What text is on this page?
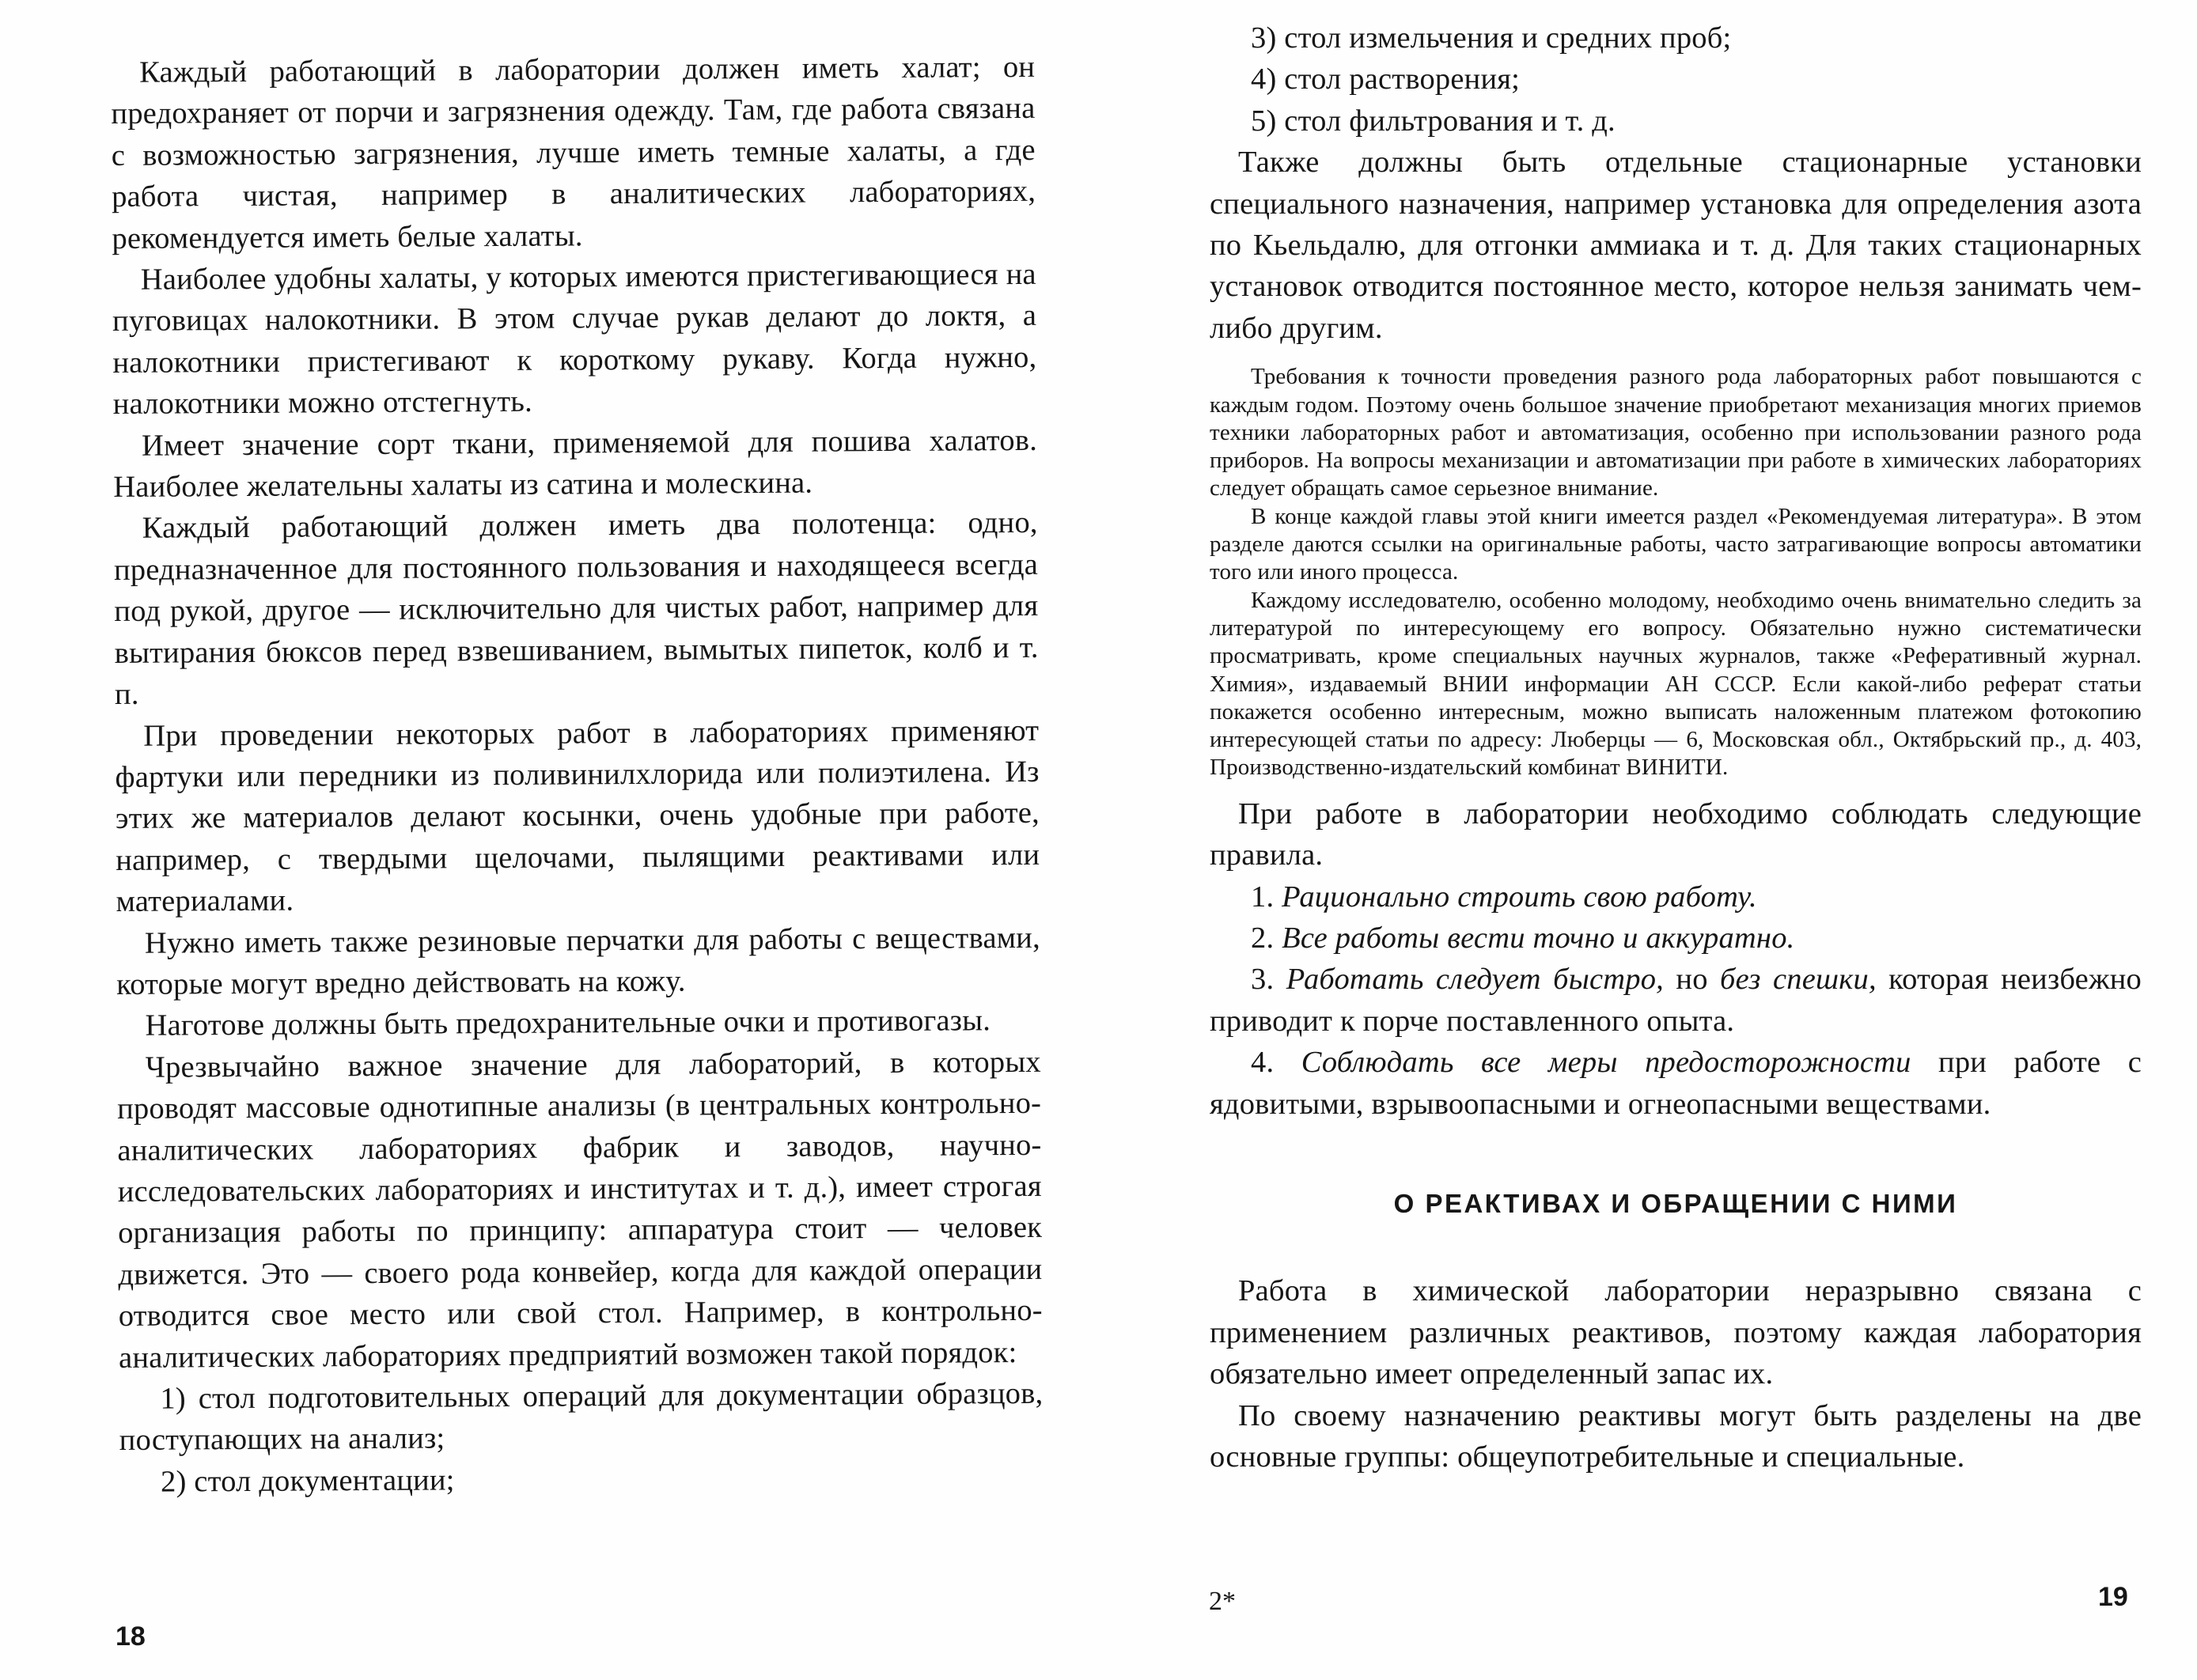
Каждый работающий в лаборатории должен иметь халат; он предохраняет от порчи и загрязнения одежду. Там, где работа связана с возможностью загрязнения, лучше иметь темные халаты, а где работа чистая, например в аналитических лабораториях, рекомендуется иметь белые халаты.

Наиболее удобны халаты, у которых имеются пристегивающиеся на пуговицах налокотники. В этом случае рукав делают до локтя, а налокотники пристегивают к короткому рукаву. Когда нужно, налокотники можно отстегнуть.

Имеет значение сорт ткани, применяемой для пошива халатов. Наиболее желательны халаты из сатина и молескина.

Каждый работающий должен иметь два полотенца: одно, предназначенное для постоянного пользования и находящееся всегда под рукой, другое — исключительно для чистых работ, например для вытирания бюксов перед взвешиванием, вымытых пипеток, колб и т. п.

При проведении некоторых работ в лабораториях применяют фартуки или передники из поливинилхлорида или полиэтилена. Из этих же материалов делают косынки, очень удобные при работе, например, с твердыми щелочами, пылящими реактивами или материалами.

Нужно иметь также резиновые перчатки для работы с веществами, которые могут вредно действовать на кожу.

Наготове должны быть предохранительные очки и противогазы.

Чрезвычайно важное значение для лабораторий, в которых проводят массовые однотипные анализы (в центральных контрольно-аналитических лабораториях фабрик и заводов, научно-исследовательских лабораториях и институтах и т. д.), имеет строгая организация работы по принципу: аппаратура стоит — человек движется. Это — своего рода конвейер, когда для каждой операции отводится свое место или свой стол. Например, в контрольно-аналитических лабораториях предприятий возможен такой порядок:

1) стол подготовительных операций для документации образцов, поступающих на анализ;

2) стол документации;

18

3) стол измельчения и средних проб;

4) стол растворения;

5) стол фильтрования и т. д.

Также должны быть отдельные стационарные установки специального назначения, например установка для определения азота по Кьельдалю, для отгонки аммиака и т. д. Для таких стационарных установок отводится постоянное место, которое нельзя занимать чем-либо другим.

Требования к точности проведения разного рода лабораторных работ повышаются с каждым годом. Поэтому очень большое значение приобретают механизация многих приемов техники лабораторных работ и автоматизация, особенно при использовании разного рода приборов. На вопросы механизации и автоматизации при работе в химических лабораториях следует обращать самое серьезное внимание.

В конце каждой главы этой книги имеется раздел «Рекомендуемая литература». В этом разделе даются ссылки на оригинальные работы, часто затрагивающие вопросы автоматики того или иного процесса.

Каждому исследователю, особенно молодому, необходимо очень внимательно следить за литературой по интересующему его вопросу. Обязательно нужно систематически просматривать, кроме специальных научных журналов, также «Реферативный журнал. Химия», издаваемый ВНИИ информации АН СССР. Если какой-либо реферат статьи покажется особенно интересным, можно выписать наложенным платежом фотокопию интересующей статьи по адресу: Люберцы — 6, Московская обл., Октябрьский пр., д. 403, Производственно-издательский комбинат ВИНИТИ.

При работе в лаборатории необходимо соблюдать следующие правила.

1. Рационально строить свою работу.

2. Все работы вести точно и аккуратно.

3. Работать следует быстро, но без спешки, которая неизбежно приводит к порче поставленного опыта.

4. Соблюдать все меры предосторожности при работе с ядовитыми, взрывоопасными и огнеопасными веществами.

О РЕАКТИВАХ И ОБРАЩЕНИИ С НИМИ

Работа в химической лаборатории неразрывно связана с применением различных реактивов, поэтому каждая лаборатория обязательно имеет определенный запас их.

По своему назначению реактивы могут быть разделены на две основные группы: общеупотребительные и специальные.

2*	19
